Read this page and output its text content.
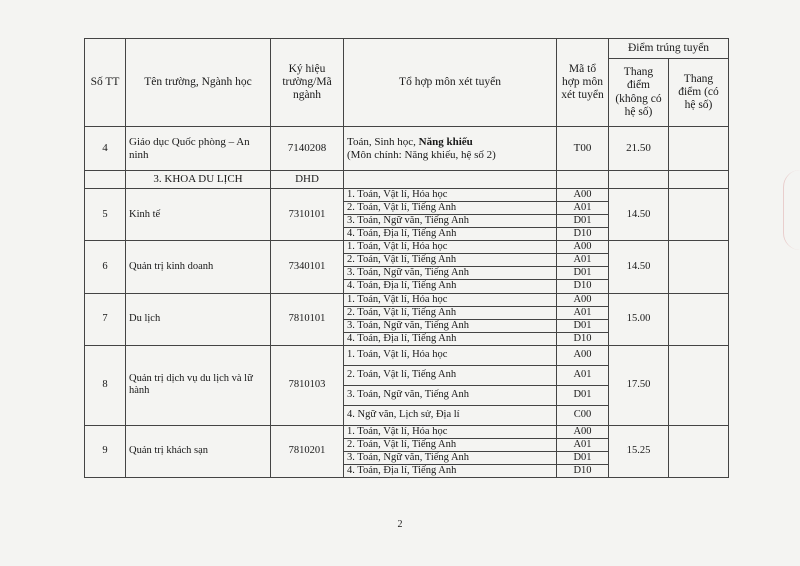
Số TT	Tên trường, Ngành học	Ký hiệu trường/Mã ngành	Tổ hợp môn xét tuyển	Mã tổ hợp môn xét tuyển	Điểm trúng tuyển	
					Thang điểm (không có hệ số)	Thang điểm (có hệ số)
4	Giáo dục Quốc phòng – An ninh	7140208	Toán, Sinh học, Năng khiếu
(Môn chính: Năng khiếu, hệ số 2)	T00	21.50	
	3. KHOA DU LỊCH	DHD				
5	Kinh tế	7310101	1. Toán, Vật lí, Hóa học	A00	14.50	
			2. Toán, Vật lí, Tiếng Anh	A01		
			3. Toán, Ngữ văn, Tiếng Anh	D01		
			4. Toán, Địa lí, Tiếng Anh	D10		
6	Quản trị kinh doanh	7340101	1. Toán, Vật lí, Hóa học	A00	14.50	
			2. Toán, Vật lí, Tiếng Anh	A01		
			3. Toán, Ngữ văn, Tiếng Anh	D01		
			4. Toán, Địa lí, Tiếng Anh	D10		
7	Du lịch	7810101	1. Toán, Vật lí, Hóa học	A00	15.00	
			2. Toán, Vật lí, Tiếng Anh	A01		
			3. Toán, Ngữ văn, Tiếng Anh	D01		
			4. Toán, Địa lí, Tiếng Anh	D10		
8	Quản trị dịch vụ du lịch và lữ hành	7810103	1. Toán, Vật lí, Hóa học	A00	17.50	
			2. Toán, Vật lí, Tiếng Anh	A01		
			3. Toán, Ngữ văn, Tiếng Anh	D01		
			4. Ngữ văn, Lịch sử, Địa lí	C00		
9	Quản trị khách sạn	7810201	1. Toán, Vật lí, Hóa học	A00	15.25	
			2. Toán, Vật lí, Tiếng Anh	A01		
			3. Toán, Ngữ văn, Tiếng Anh	D01		
			4. Toán, Địa lí, Tiếng Anh	D10		
2
